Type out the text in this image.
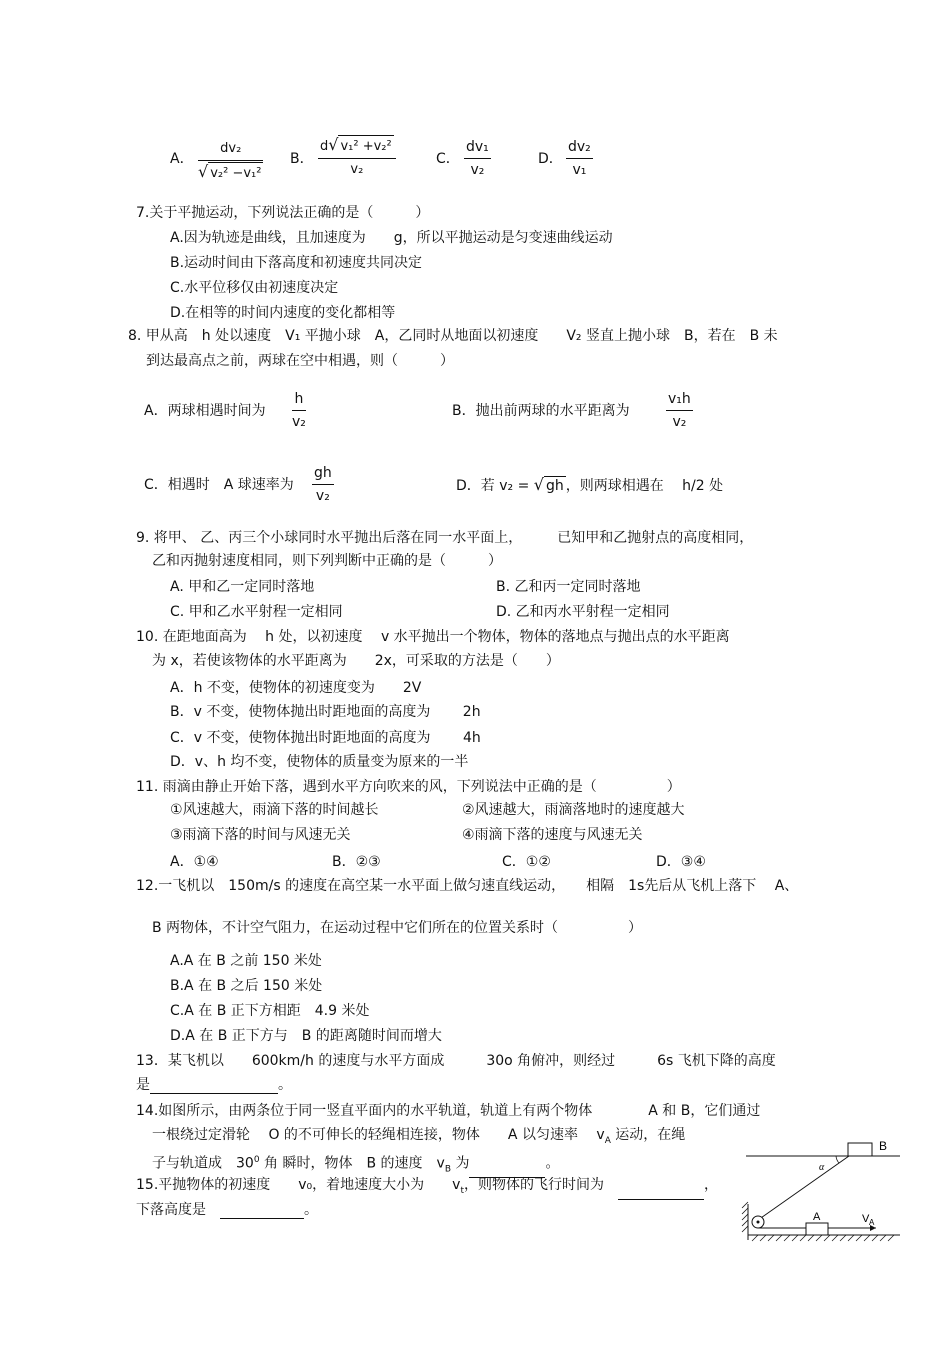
A． $\frac{\text{dv₂}}{\text{√ v₂² −v₁²}}$ B． $\frac{\text{d√ v₁² +v₂²}}{\text{v₂}}$	C． $\frac{\text{dv₁}}{\text{v₂}}$	D． $\frac{\text{dv₂}}{\text{v₁}}$
7.关于平抛运动，下列说法正确的是（　　　）
A.因为轨迹是曲线，且加速度为　　g，所以平抛运动是匀变速曲线运动
B.运动时间由下落高度和初速度共同决定
C.水平位移仅由初速度决定
D.在相等的时间内速度的变化都相等
8. 甲从高　h 处以速度　V₁ 平抛小球　A，乙同时从地面以初速度　　V₂ 竖直上抛小球　B，若在　B 未
到达最高点之前，两球在空中相遇，则（　　　）
A．两球相遇时间为 $\frac{h}{\text{v₂}}$	B．抛出前两球的水平距离为	$\frac{\text{v₁h}}{\text{v₂}}$
C．相遇时　A 球速率为 $\frac{gh}{\text{v₂}}$	D．若 v₂ = √ gh ，则两球相遇在　 h/2 处
9. 将甲、 乙、丙三个小球同时水平抛出后落在同一水平面上，　　　已知甲和乙抛射点的高度相同，
乙和丙抛射速度相同，则下列判断中正确的是（　　　）
A. 甲和乙一定同时落地	B. 乙和丙一定同时落地
C. 甲和乙水平射程一定相同	D. 乙和丙水平射程一定相同
10. 在距地面高为　 h 处，以初速度　 v 水平抛出一个物体，物体的落地点与抛出点的水平距离
为 x，若使该物体的水平距离为　　2x，可采取的方法是（　　）
A．h 不变，使物体的初速度变为　　2V
B．v 不变，使物体抛出时距地面的高度为　　 2h
C．v 不变，使物体抛出时距地面的高度为　　 4h
D．v、h 均不变，使物体的质量变为原来的一半
11. 雨滴由静止开始下落，遇到水平方向吹来的风，下列说法中正确的是（　　　　　）
①风速越大，雨滴下落的时间越长	②风速越大，雨滴落地时的速度越大
③雨滴下落的时间与风速无关	④雨滴下落的速度与风速无关
A．①④	B．②③	C．①②	D．③④
12.一飞机以　150m/s 的速度在高空某一水平面上做匀速直线运动，　　相隔　1s先后从飞机上落下　 A、
B 两物体，不计空气阻力，在运动过程中它们所在的位置关系时（　　　　　）
A.A 在 B 之前 150 米处
B.A 在 B 之后 150 米处
C.A 在 B 正下方相距　4.9 米处
D.A 在 B 正下方与　B 的距离随时间而增大
13．某飞机以　　600km/h 的速度与水平方面成　　　30o 角俯冲，则经过　　　6s 飞机下降的高度
是	。
14.如图所示，由两条位于同一竖直平面内的水平轨道，轨道上有两个物体　　　　A 和 B，它们通过
一根绕过定滑轮　 O 的不可伸长的轻绳相连接，物体　　A 以匀速率　 $v_A$ 运动，在绳
子与轨道成　$30^0$ 角 瞬时，物体　B 的速度　$v_B$ 为	。
15.平抛物体的初速度　　v₀，着地速度大小为　　$v_t$，则物体的飞行时间为　	，
下落高度是　	。
B
α
A	V A
